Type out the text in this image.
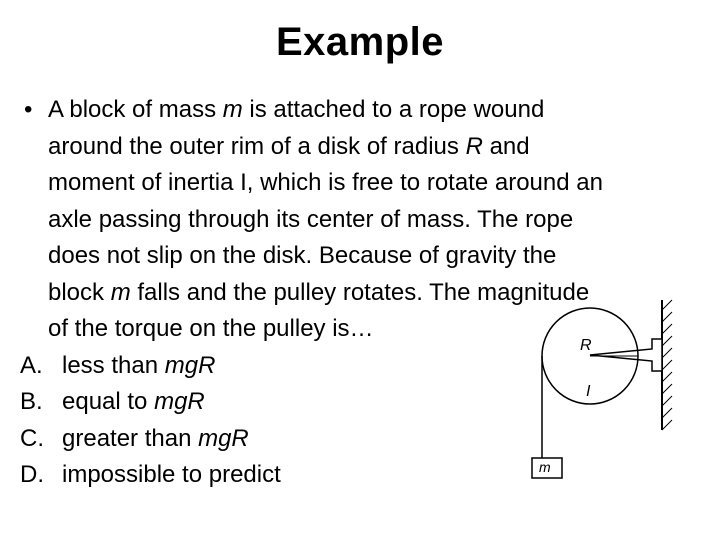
Example
• A block of mass m is attached to a rope wound
around the outer rim of a disk of radius R and
moment of inertia I, which is free to rotate around an
axle passing through its center of mass. The rope
does not slip on the disk. Because of gravity the
block m falls and the pulley rotates. The magnitude
of the torque on the pulley is…
A. less than mgR
B. equal to mgR
C. greater than mgR
D. impossible to predict
R
I
m
